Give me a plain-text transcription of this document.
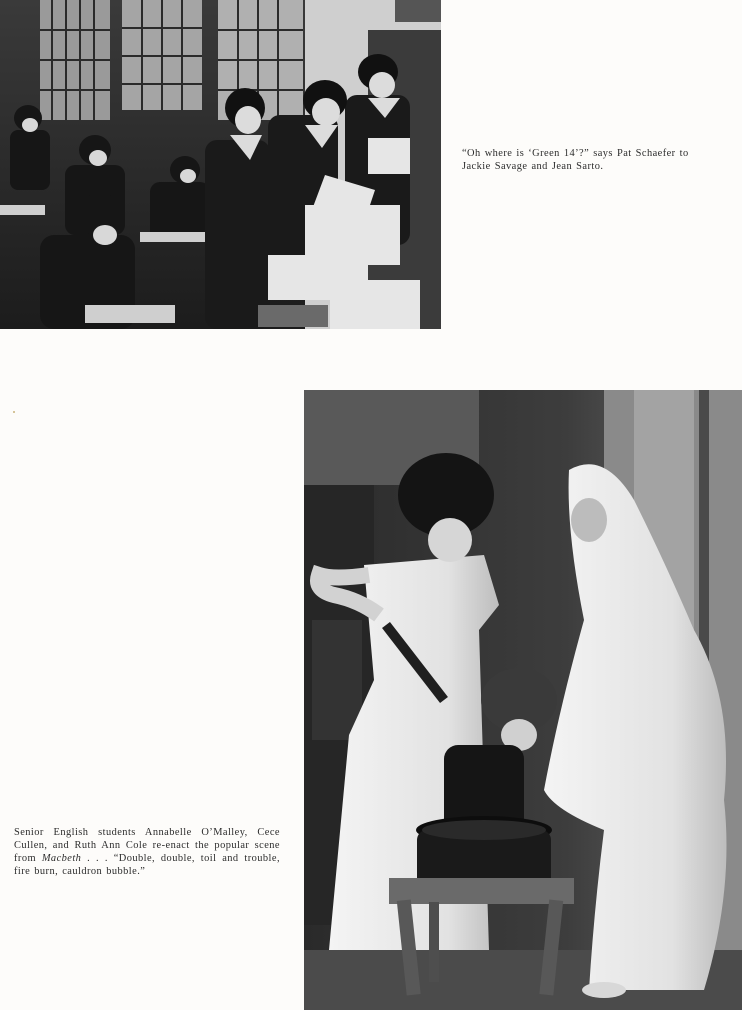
“Oh where is ‘Green 14’?” says Pat Schaefer to
Jackie Savage and Jean Sarto.
Senior English students Annabelle O’Malley, Cece Cullen, and Ruth Ann Cole re-enact the popular scene from Macbeth . . . “Double, double, toil and trouble, fire burn, cauldron bubble.”
